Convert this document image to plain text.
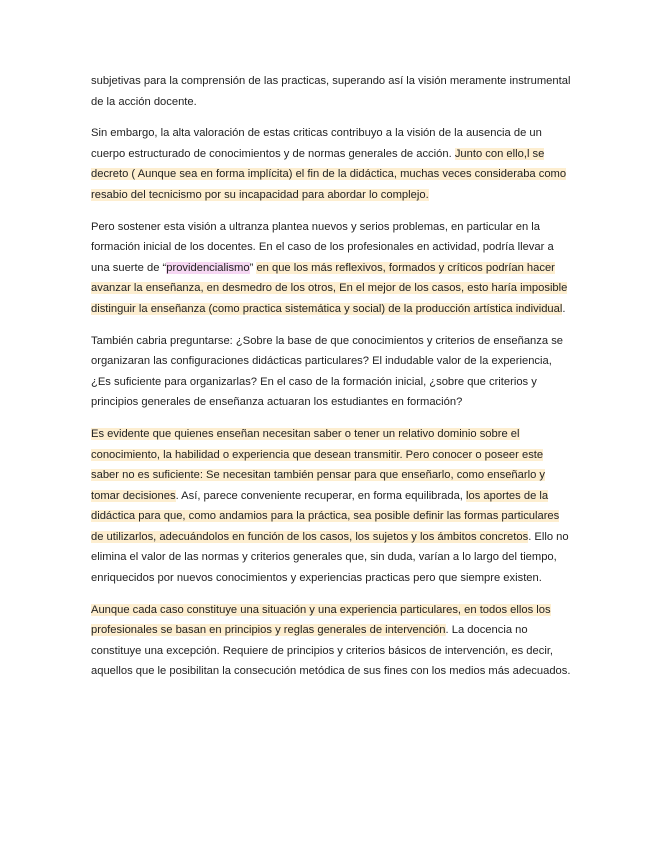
subjetivas para la comprensión de las practicas, superando así la visión meramente instrumental de la acción docente.

Sin embargo, la alta valoración de estas criticas contribuyo a la visión de la ausencia de un cuerpo estructurado de conocimientos y de normas generales de acción. Junto con ello,l se decreto ( Aunque sea en forma implícita) el fin de la didáctica, muchas veces consideraba como resabio del tecnicismo por su incapacidad para abordar lo complejo.

Pero sostener esta visión a ultranza plantea nuevos y serios problemas, en particular en la formación inicial de los docentes. En el caso de los profesionales en actividad, podría llevar a una suerte de “providencialismo” en que los más reflexivos, formados y críticos podrían hacer avanzar la enseñanza, en desmedro de los otros, En el mejor de los casos, esto haría imposible distinguir la enseñanza (como practica sistemática y social) de la producción artística individual.

También cabria preguntarse: ¿Sobre la base de que conocimientos y criterios de enseñanza se organizaran las configuraciones didácticas particulares? El indudable valor de la experiencia, ¿Es suficiente para organizarlas? En el caso de la formación inicial, ¿sobre que criterios y principios generales de enseñanza actuaran los estudiantes en formación?

Es evidente que quienes enseñan necesitan saber o tener un relativo dominio sobre el conocimiento, la habilidad o experiencia que desean transmitir. Pero conocer o poseer este saber no es suficiente: Se necesitan también pensar para que enseñarlo, como enseñarlo y tomar decisiones. Así, parece conveniente recuperar, en forma equilibrada, los aportes de la didáctica para que, como andamios para la práctica, sea posible definir las formas particulares de utilizarlos, adecuándolos en función de los casos, los sujetos y los ámbitos concretos. Ello no elimina el valor de las normas y criterios generales que, sin duda, varían a lo largo del tiempo, enriquecidos por nuevos conocimientos y experiencias practicas pero que siempre existen.

Aunque cada caso constituye una situación y una experiencia particulares, en todos ellos los profesionales se basan en principios y reglas generales de intervención. La docencia no constituye una excepción. Requiere de principios y criterios básicos de intervención, es decir, aquellos que le posibilitan la consecución metódica de sus fines con los medios más adecuados.
